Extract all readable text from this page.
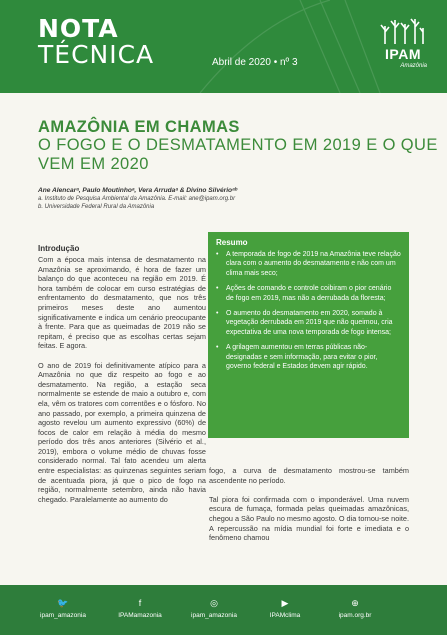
NOTA
TÉCNICA	Abril de 2020 • nº 3
IPAM
Amazônia
AMAZÔNIA EM CHAMAS
O FOGO E O DESMATAMENTO EM 2019 E O QUE VEM EM 2020
Ane Alencarᵃ, Paulo Moutinhoᵃ, Vera Arrudaᵃ & Divino Silvérioᵃᵇ
a. Instituto de Pesquisa Ambiental da Amazônia. E-mail: ane@ipam.org.br
b. Universidade Federal Rural da Amazônia
Introdução

Com a época mais intensa de desmatamento na Amazônia se aproximando, é hora de fazer um balanço do que aconteceu na região em 2019. É hora também de colocar em curso estratégias de enfrentamento do desmatamento, que nos três primeiros meses deste ano aumentou significativamente e indica um cenário preocupante à frente. Para que as queimadas de 2019 não se repitam, é preciso que as escolhas certas sejam feitas. E agora.

O ano de 2019 foi definitivamente atípico para a Amazônia no que diz respeito ao fogo e ao desmatamento. Na região, a estação seca normalmente se estende de maio a outubro e, com ela, vêm os tratores com correntões e o fósforo. No ano passado, por exemplo, a primeira quinzena de agosto revelou um aumento expressivo (60%) de focos de calor em relação à média do mesmo período dos três anos anteriores (Silvério et al., 2019), embora o volume médio de chuvas fosse considerado normal. Tal fato acendeu um alerta entre especialistas: as quinzenas seguintes seriam de acentuada piora, já que o pico de fogo na região, normalmente setembro, ainda não havia chegado. Paralelamente ao aumento do

Resumo
• A temporada de fogo de 2019 na Amazônia teve relação clara com o aumento do desmatamento e não com um clima mais seco;
• Ações de comando e controle coibiram o pior cenário de fogo em 2019, mas não a derrubada da floresta;
• O aumento do desmatamento em 2020, somado à vegetação derrubada em 2019 que não queimou, cria expectativa de uma nova temporada de fogo intensa;
• A grilagem aumentou em terras públicas não-designadas e sem informação, para evitar o pior, governo federal e Estados devem agir rápido.

fogo, a curva de desmatamento mostrou-se também ascendente no período.

Tal piora foi confirmada com o imponderável. Uma nuvem escura de fumaça, formada pelas queimadas amazônicas, chegou a São Paulo no mesmo agosto. O dia tornou-se noite. A repercussão na mídia mundial foi forte e imediata e o fenômeno chamou

🐦
ipam_amazonia
f
IPAMamazonia
◎
ipam_amazonia
▶
IPAMclima
⊕
ipam.org.br
